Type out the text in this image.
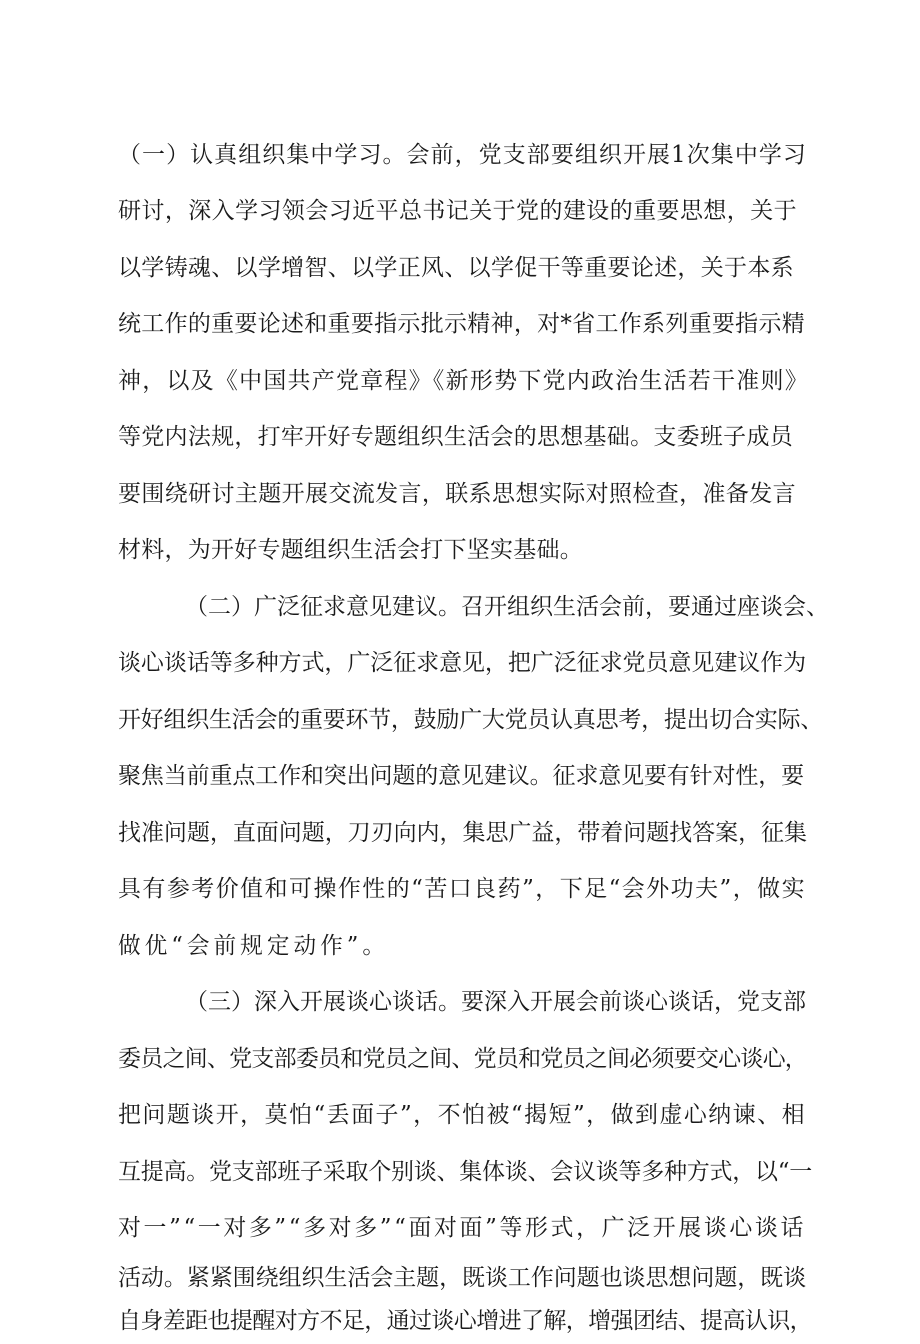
（一）认真组织集中学习。会前，党支部要组织开展1次集中学习
研讨，深入学习领会习近平总书记关于党的建设的重要思想，关于
以学铸魂、以学增智、以学正风、以学促干等重要论述，关于本系
统工作的重要论述和重要指示批示精神，对*省工作系列重要指示精
神，以及《中国共产党章程》《新形势下党内政治生活若干准则》
等党内法规，打牢开好专题组织生活会的思想基础。支委班子成员
要围绕研讨主题开展交流发言，联系思想实际对照检查，准备发言
材料，为开好专题组织生活会打下坚实基础。
（二）广泛征求意见建议。召开组织生活会前，要通过座谈会、
谈心谈话等多种方式，广泛征求意见，把广泛征求党员意见建议作为
开好组织生活会的重要环节，鼓励广大党员认真思考，提出切合实际、
聚焦当前重点工作和突出问题的意见建议。征求意见要有针对性，要
找准问题，直面问题，刀刃向内，集思广益，带着问题找答案，征集
具有参考价值和可操作性的“苦口良药”，下足“会外功夫”，做实
做优“会前规定动作”。
（三）深入开展谈心谈话。要深入开展会前谈心谈话，党支部
委员之间、党支部委员和党员之间、党员和党员之间必须要交心谈心，
把问题谈开，莫怕“丢面子”，不怕被“揭短”，做到虚心纳谏、相
互提高。党支部班子采取个别谈、集体谈、会议谈等多种方式，以“一
对一”“一对多”“多对多”“面对面”等形式，广泛开展谈心谈话
活动。紧紧围绕组织生活会主题，既谈工作问题也谈思想问题，既谈
自身差距也提醒对方不足，通过谈心增进了解，增强团结、提高认识，
